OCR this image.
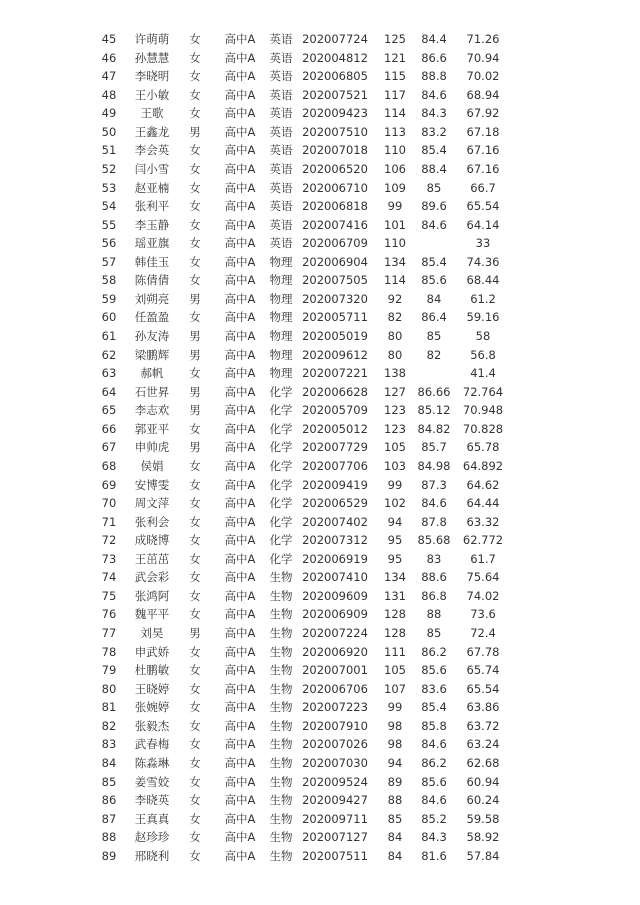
45	许萌萌	女	高中A	英语	202007724	125	84.4	71.26
46	孙慧慧	女	高中A	英语	202004812	121	86.6	70.94
47	李晓明	女	高中A	英语	202006805	115	88.8	70.02
48	王小敏	女	高中A	英语	202007521	117	84.6	68.94
49	王歌	女	高中A	英语	202009423	114	84.3	67.92
50	王鑫龙	男	高中A	英语	202007510	113	83.2	67.18
51	李会英	女	高中A	英语	202007018	110	85.4	67.16
52	闫小雪	女	高中A	英语	202006520	106	88.4	67.16
53	赵亚楠	女	高中A	英语	202006710	109	85	66.7
54	张利平	女	高中A	英语	202006818	99	89.6	65.54
55	李玉静	女	高中A	英语	202007416	101	84.6	64.14
56	瑶亚旗	女	高中A	英语	202006709	110		33
57	韩佳玉	女	高中A	物理	202006904	134	85.4	74.36
58	陈倩倩	女	高中A	物理	202007505	114	85.6	68.44
59	刘朔亮	男	高中A	物理	202007320	92	84	61.2
60	任盈盈	女	高中A	物理	202005711	82	86.4	59.16
61	孙友涛	男	高中A	物理	202005019	80	85	58
62	梁鹏辉	男	高中A	物理	202009612	80	82	56.8
63	郝帆	女	高中A	物理	202007221	138		41.4
64	石世昇	男	高中A	化学	202006628	127	86.66	72.764
65	李志欢	男	高中A	化学	202005709	123	85.12	70.948
66	郭亚平	女	高中A	化学	202005012	123	84.82	70.828
67	申帅虎	男	高中A	化学	202007729	105	85.7	65.78
68	侯娟	女	高中A	化学	202007706	103	84.98	64.892
69	安博雯	女	高中A	化学	202009419	99	87.3	64.62
70	周文萍	女	高中A	化学	202006529	102	84.6	64.44
71	张利会	女	高中A	化学	202007402	94	87.8	63.32
72	成晓博	女	高中A	化学	202007312	95	85.68	62.772
73	王茁茁	女	高中A	化学	202006919	95	83	61.7
74	武会彩	女	高中A	生物	202007410	134	88.6	75.64
75	张鸿阿	女	高中A	生物	202009609	131	86.8	74.02
76	魏平平	女	高中A	生物	202006909	128	88	73.6
77	刘昊	男	高中A	生物	202007224	128	85	72.4
78	申武娇	女	高中A	生物	202006920	111	86.2	67.78
79	杜鹏敏	女	高中A	生物	202007001	105	85.6	65.74
80	王晓婷	女	高中A	生物	202006706	107	83.6	65.54
81	张婉婷	女	高中A	生物	202007223	99	85.4	63.86
82	张毅杰	女	高中A	生物	202007910	98	85.8	63.72
83	武春梅	女	高中A	生物	202007026	98	84.6	63.24
84	陈淼琳	女	高中A	生物	202007030	94	86.2	62.68
85	姜雪姣	女	高中A	生物	202009524	89	85.6	60.94
86	李晓英	女	高中A	生物	202009427	88	84.6	60.24
87	王真真	女	高中A	生物	202009711	85	85.2	59.58
88	赵珍珍	女	高中A	生物	202007127	84	84.3	58.92
89	邢晓利	女	高中A	生物	202007511	84	81.6	57.84
